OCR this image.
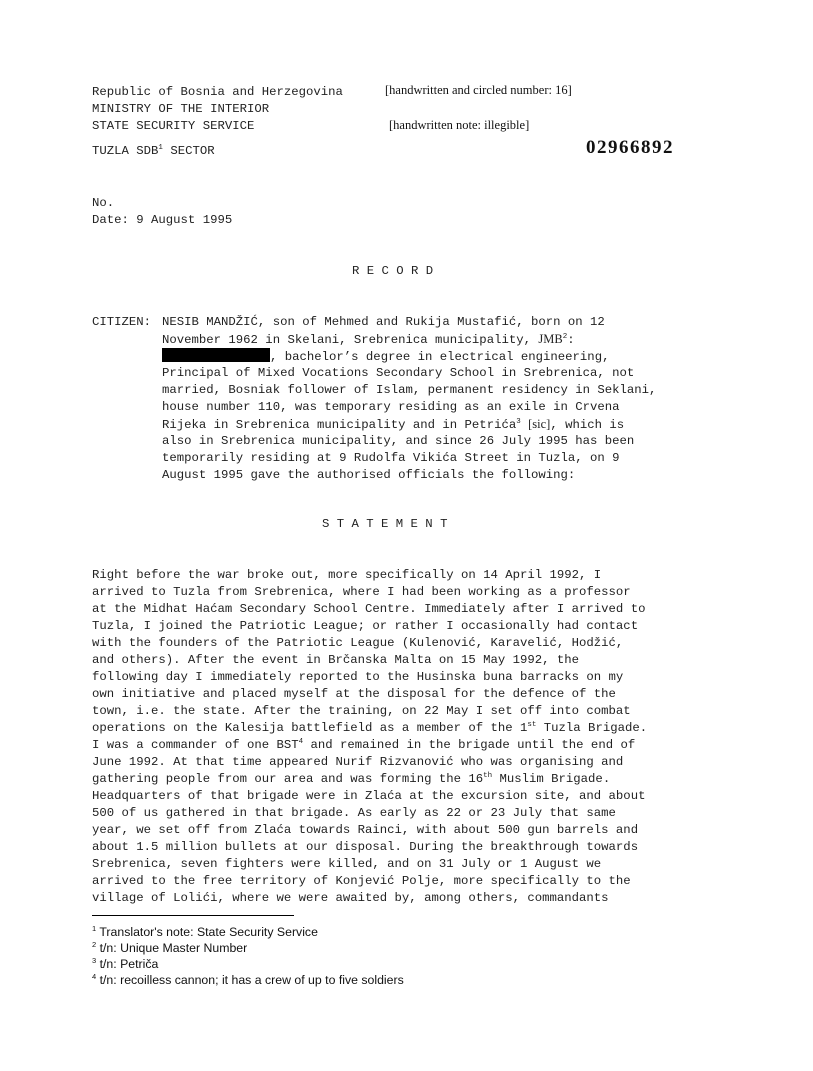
Republic of Bosnia and Herzegovina	[handwritten and circled number: 16]
MINISTRY OF THE INTERIOR
STATE SECURITY SERVICE	[handwritten note: illegible]
TUZLA SDB$^1$ SECTOR	02966892
No.
Date: 9 August 1995
R E C O R D
CITIZEN: NESIB MANDŽIĆ, son of Mehmed and Rukija Mustafić, born on 12
November 1962 in Skelani, Srebrenica municipality, JMB$^2$:
, bachelor’s degree in electrical engineering,
Principal of Mixed Vocations Secondary School in Srebrenica, not
married, Bosniak follower of Islam, permanent residency in Seklani,
house number 110, was temporary residing as an exile in Crvena
Rijeka in Srebrenica municipality and in Petrića$^3$ [sic], which is
also in Srebrenica municipality, and since 26 July 1995 has been
temporarily residing at 9 Rudolfa Vikića Street in Tuzla, on 9
August 1995 gave the authorised officials the following:
S T A T E M E N T
Right before the war broke out, more specifically on 14 April 1992, I
arrived to Tuzla from Srebrenica, where I had been working as a professor
at the Midhat Haćam Secondary School Centre. Immediately after I arrived to
Tuzla, I joined the Patriotic League; or rather I occasionally had contact
with the founders of the Patriotic League (Kulenović, Karavelić, Hodžić,
and others). After the event in Brčanska Malta on 15 May 1992, the
following day I immediately reported to the Husinska buna barracks on my
own initiative and placed myself at the disposal for the defence of the
town, i.e. the state. After the training, on 22 May I set off into combat
operations on the Kalesija battlefield as a member of the 1st Tuzla Brigade.
I was a commander of one BST$^4$ and remained in the brigade until the end of
June 1992. At that time appeared Nurif Rizvanović who was organising and
gathering people from our area and was forming the 16th Muslim Brigade.
Headquarters of that brigade were in Zlaća at the excursion site, and about
500 of us gathered in that brigade. As early as 22 or 23 July that same
year, we set off from Zlaća towards Rainci, with about 500 gun barrels and
about 1.5 million bullets at our disposal. During the breakthrough towards
Srebrenica, seven fighters were killed, and on 31 July or 1 August we
arrived to the free territory of Konjević Polje, more specifically to the
village of Lolići, where we were awaited by, among others, commandants
$^1$ Translator's note: State Security Service
$^2$ t/n: Unique Master Number
$^3$ t/n: Petriča
$^4$ t/n: recoilless cannon; it has a crew of up to five soldiers
